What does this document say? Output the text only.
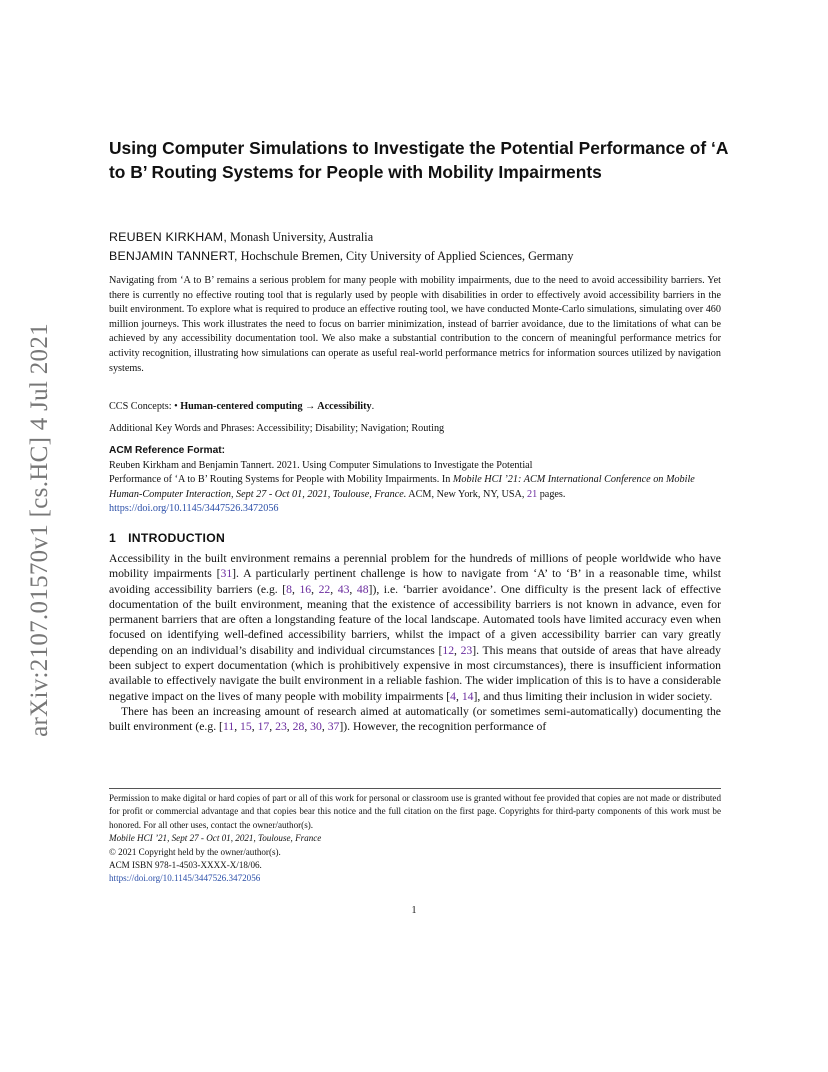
arXiv:2107.01570v1 [cs.HC] 4 Jul 2021
Using Computer Simulations to Investigate the Potential Performance of ‘A to B’ Routing Systems for People with Mobility Impairments
REUBEN KIRKHAM, Monash University, Australia
BENJAMIN TANNERT, Hochschule Bremen, City University of Applied Sciences, Germany

Navigating from ‘A to B’ remains a serious problem for many people with mobility impairments, due to the need to avoid accessibility barriers. Yet there is currently no effective routing tool that is regularly used by people with disabilities in order to effectively avoid accessibility barriers in the built environment. To explore what is required to produce an effective routing tool, we have conducted Monte-Carlo simulations, simulating over 460 million journeys. This work illustrates the need to focus on barrier minimization, instead of barrier avoidance, due to the limitations of what can be achieved by any accessibility documentation tool. We also make a substantial contribution to the concern of meaningful performance metrics for activity recognition, illustrating how simulations can operate as useful real-world performance metrics for information sources utilized by navigation systems.

CCS Concepts: • Human-centered computing → Accessibility.
Additional Key Words and Phrases: Accessibility; Disability; Navigation; Routing
ACM Reference Format:
Reuben Kirkham and Benjamin Tannert. 2021. Using Computer Simulations to Investigate the Potential
Performance of ‘A to B’ Routing Systems for People with Mobility Impairments. In Mobile HCI ’21: ACM International Conference on Mobile Human-Computer Interaction, Sept 27 - Oct 01, 2021, Toulouse, France. ACM, New York, NY, USA, 21 pages.
https://doi.org/10.1145/3447526.3472056
1 INTRODUCTION

Accessibility in the built environment remains a perennial problem for the hundreds of millions of people worldwide who have mobility impairments [31]. A particularly pertinent challenge is how to navigate from ‘A’ to ‘B’ in a reasonable time, whilst avoiding accessibility barriers (e.g. [8, 16, 22, 43, 48]), i.e. ‘barrier avoidance’. One difficulty is the present lack of effective documentation of the built environment, meaning that the existence of accessibility barriers is not known in advance, even for permanent barriers that are often a longstanding feature of the local landscape. Automated tools have limited accuracy even when focused on identifying well-defined accessibility barriers, whilst the impact of a given accessibility barrier can vary greatly depending on an individual’s disability and individual circumstances [12, 23]. This means that outside of areas that have already been subject to expert documentation (which is prohibitively expensive in most circumstances), there is insufficient information available to effectively navigate the built environment in a reliable fashion. The wider implication of this is to have a considerable negative impact on the lives of many people with mobility impairments [4, 14], and thus limiting their inclusion in wider society.

There has been an increasing amount of research aimed at automatically (or sometimes semi-automatically) documenting the built environment (e.g. [11, 15, 17, 23, 28, 30, 37]). However, the recognition performance of

Permission to make digital or hard copies of part or all of this work for personal or classroom use is granted without fee provided that copies are not made or distributed for profit or commercial advantage and that copies bear this notice and the full citation on the first page. Copyrights for third-party components of this work must be honored. For all other uses, contact the owner/author(s).

Mobile HCI ’21, Sept 27 - Oct 01, 2021, Toulouse, France
© 2021 Copyright held by the owner/author(s).
ACM ISBN 978-1-4503-XXXX-X/18/06.
https://doi.org/10.1145/3447526.3472056
1
